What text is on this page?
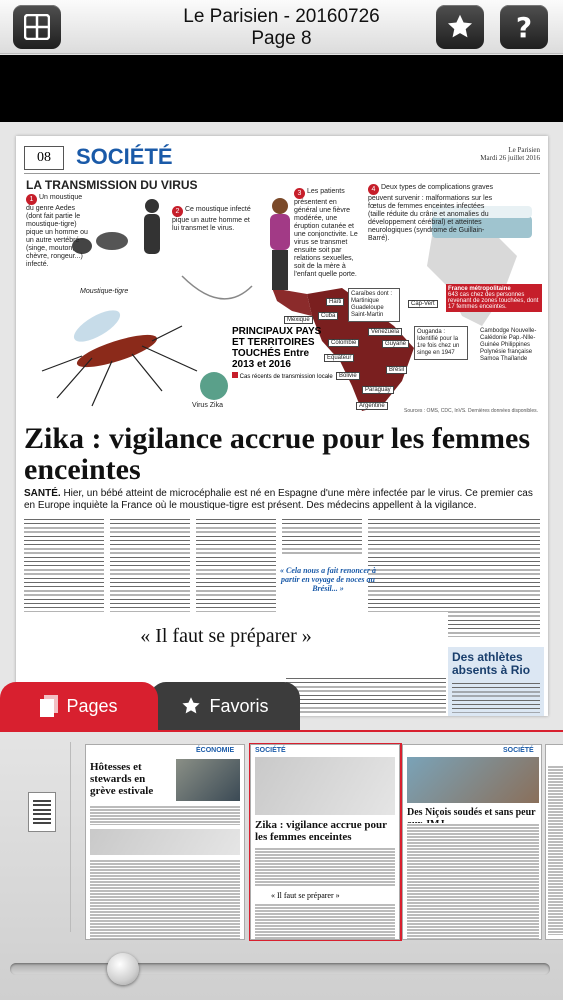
Le Parisien - 20160726
Page 8	?
08	SOCIÉTÉ	Le Parisien
Mardi 26 juillet 2016
LA TRANSMISSION DU VIRUS
1 Un moustique du genre Aedes (dont fait partie le moustique-tigre) pique un homme ou un autre vertébré (singe, mouton, chèvre, rongeur...) infecté.
2 Ce moustique infecté pique un autre homme et lui transmet le virus.
3 Les patients présentent en général une fièvre modérée, une éruption cutanée et une conjonctivite. Le virus se transmet ensuite soit par relations sexuelles, soit de la mère à l'enfant quelle porte.
4 Deux types de complications graves peuvent survenir : malformations sur les fœtus de femmes enceintes infectées (taille réduite du crâne et anomalies du développement cérébral) et atteintes neurologiques (syndrome de Guillain-Barré).
Moustique-tigre
Virus Zika
PRINCIPAUX PAYS ET TERRITOIRES TOUCHÉS Entre 2013 et 2016
Cas récents de transmission locale
Haïti
Mexique
Cuba
Caraïbes dont : Martinique Guadeloupe Saint-Martin
Cap-Vert
Venezuela
Colombie	Guyane
Equateur
Brésil
Bolivie
Paraguay
Argentine
Ouganda : Identifié pour la 1re fois chez un singe en 1947
France métropolitaine
643 cas chez des personnes revenant de zones touchées, dont 17 femmes enceintes.
Cambodge Nouvelle-Calédonie Pap.-Nlle-Guinée Philippines Polynésie française Samoa Thaïlande
Sources : OMS, CDC, InVS. Dernières données disponibles.
Zika : vigilance accrue pour les femmes enceintes
SANTÉ. Hier, un bébé atteint de microcéphalie est né en Espagne d'une mère infectée par le virus. Ce premier cas en Europe inquiète la France où le moustique-tigre est présent. Des médecins appellent à la vigilance.
« Cela nous a fait renoncer à partir en voyage de noces au Brésil... »
« Il faut se préparer »
Des athlètes absents à Rio
Favoris
Pages
ÉCONOMIE
Hôtesses et stewards en grève estivale
SOCIÉTÉ
Zika : vigilance accrue pour les femmes enceintes
« Il faut se préparer »
SOCIÉTÉ
Des Niçois soudés et sans peur
